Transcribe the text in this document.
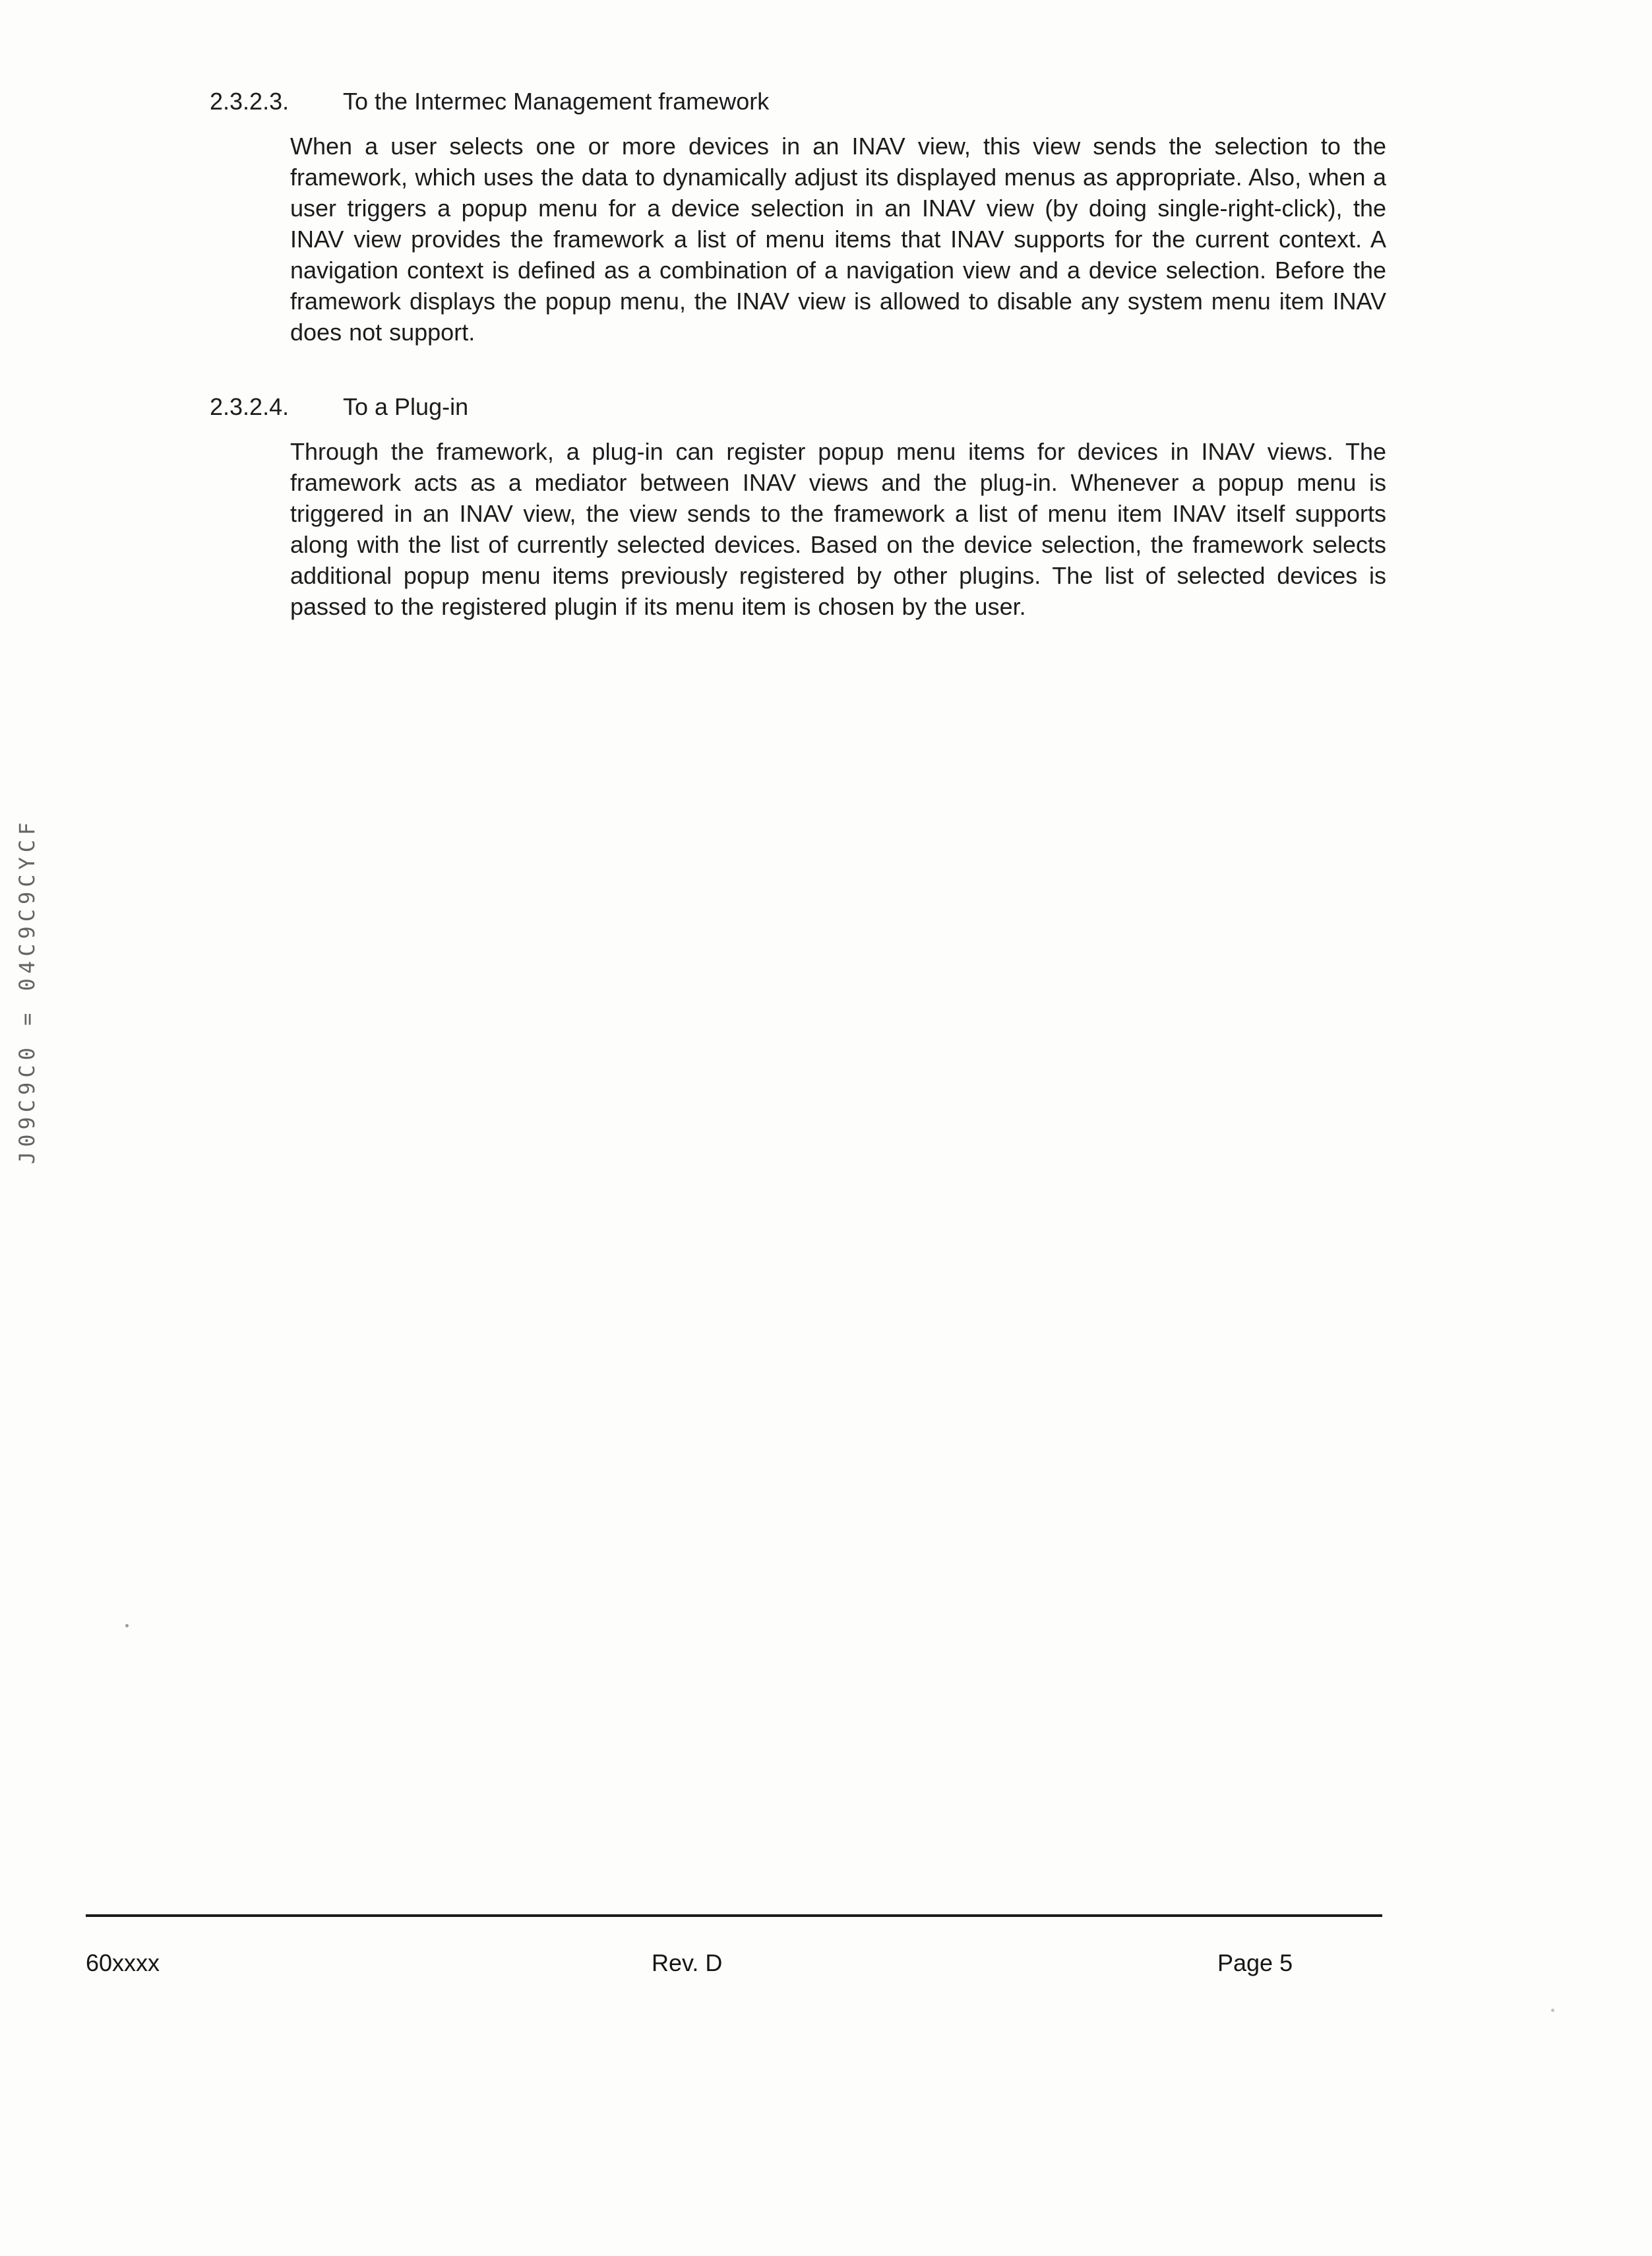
2.3.2.3.	To the Intermec Management framework

When a user selects one or more devices in an INAV view, this view sends the selection to the framework, which uses the data to dynamically adjust its displayed menus as appropriate. Also, when a user triggers a popup menu for a device selection in an INAV view (by doing single-right-click), the INAV view provides the framework a list of menu items that INAV supports for the current context. A navigation context is defined as a combination of a navigation view and a device selection. Before the framework displays the popup menu, the INAV view is allowed to disable any system menu item INAV does not support.

2.3.2.4.	To a Plug-in

Through the framework, a plug-in can register popup menu items for devices in INAV views. The framework acts as a mediator between INAV views and the plug-in. Whenever a popup menu is triggered in an INAV view, the view sends to the framework a list of menu item INAV itself supports along with the list of currently selected devices. Based on the device selection, the framework selects additional popup menu items previously registered by other plugins. The list of selected devices is passed to the registered plugin if its menu item is chosen by the user.

J09C9C0 = 04C9C9CYCF
60xxxx	Rev. D	Page 5
